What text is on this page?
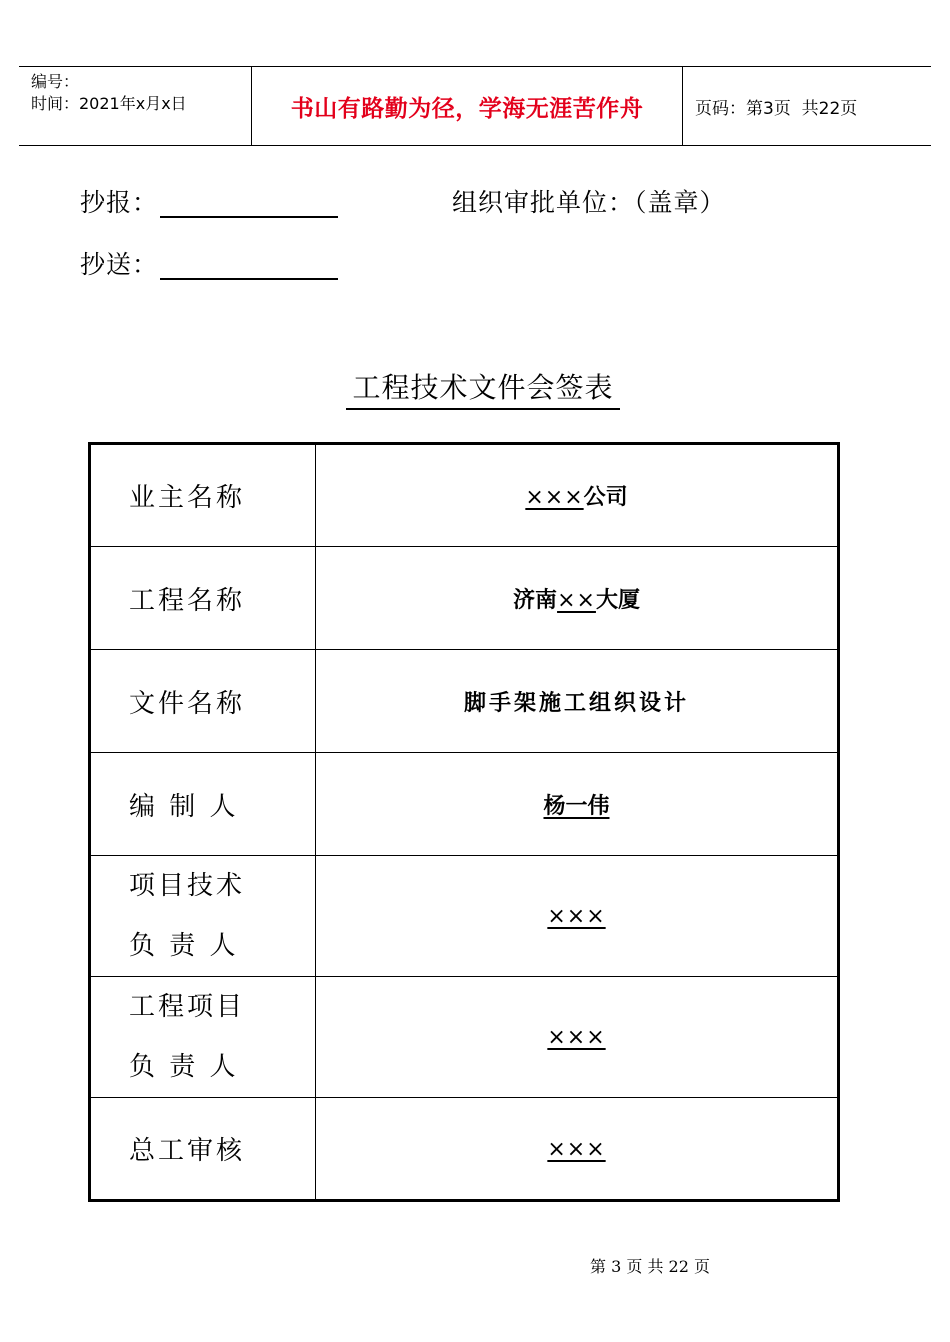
编号：
时间：2021年x月x日	书山有路勤为径，学海无涯苦作舟	页码：第3页  共22页
抄报：	组织审批单位：（盖章）
抄送：
工程技术文件会签表
业主名称	×××公司
工程名称	济南××大厦
文件名称	脚手架施工组织设计
编 制 人	杨一伟

项目技术
负 责 人	×××

工程项目
负 责 人	×××
总工审核	×××
第 3 页 共 22 页
